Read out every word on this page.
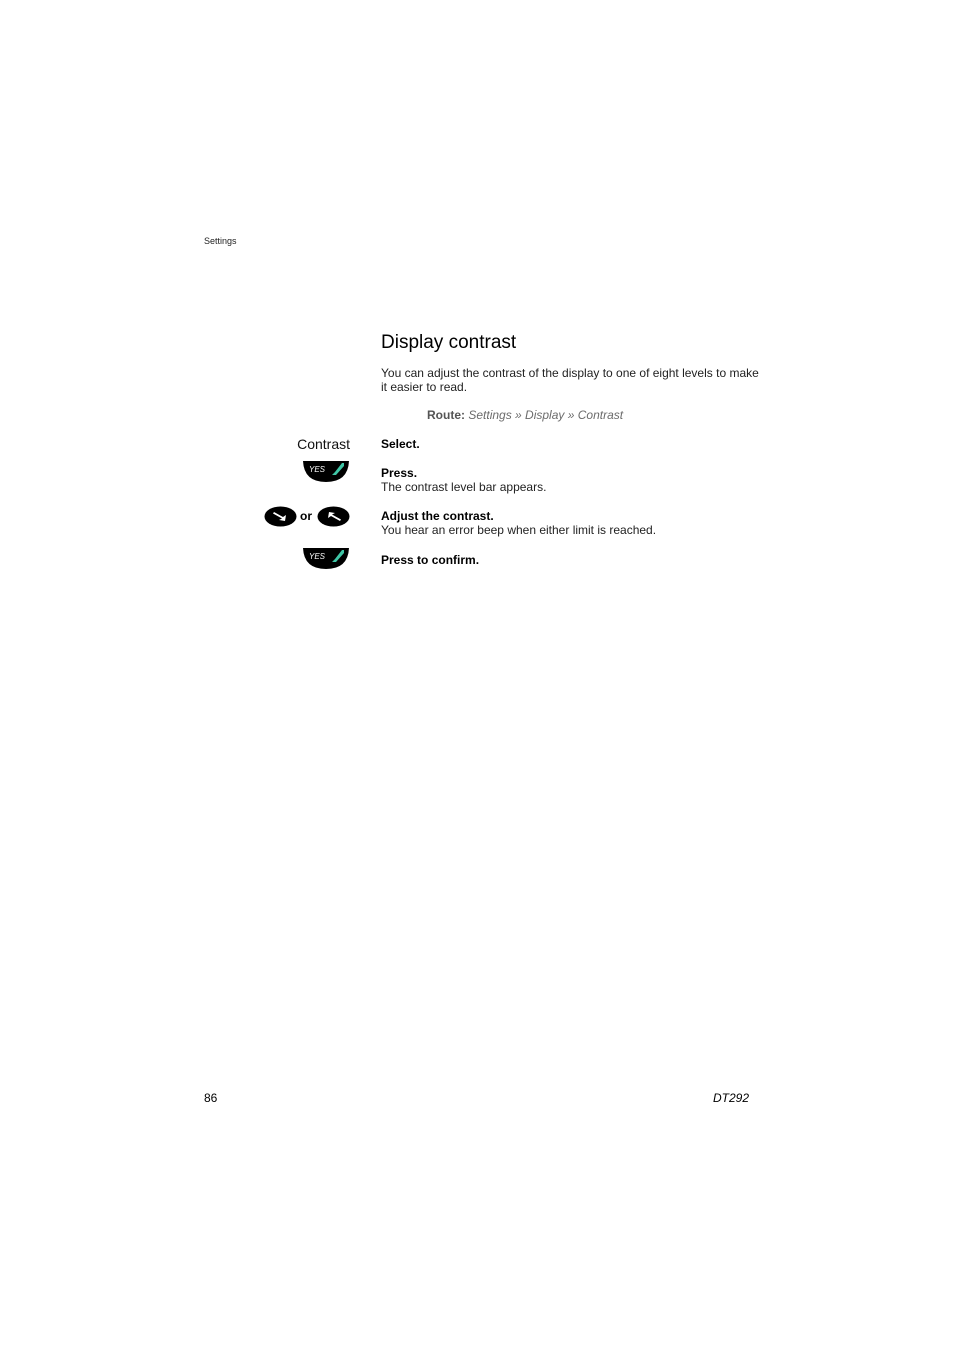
Settings
Display contrast

You can adjust the contrast of the display to one of eight levels to make it easier to read.

Route: Settings » Display » Contrast
Contrast	Select.
YES	Press.
The contrast level bar appears.
or	Adjust the contrast.
You hear an error beep when either limit is reached.
YES	Press to confirm.
86	DT292
